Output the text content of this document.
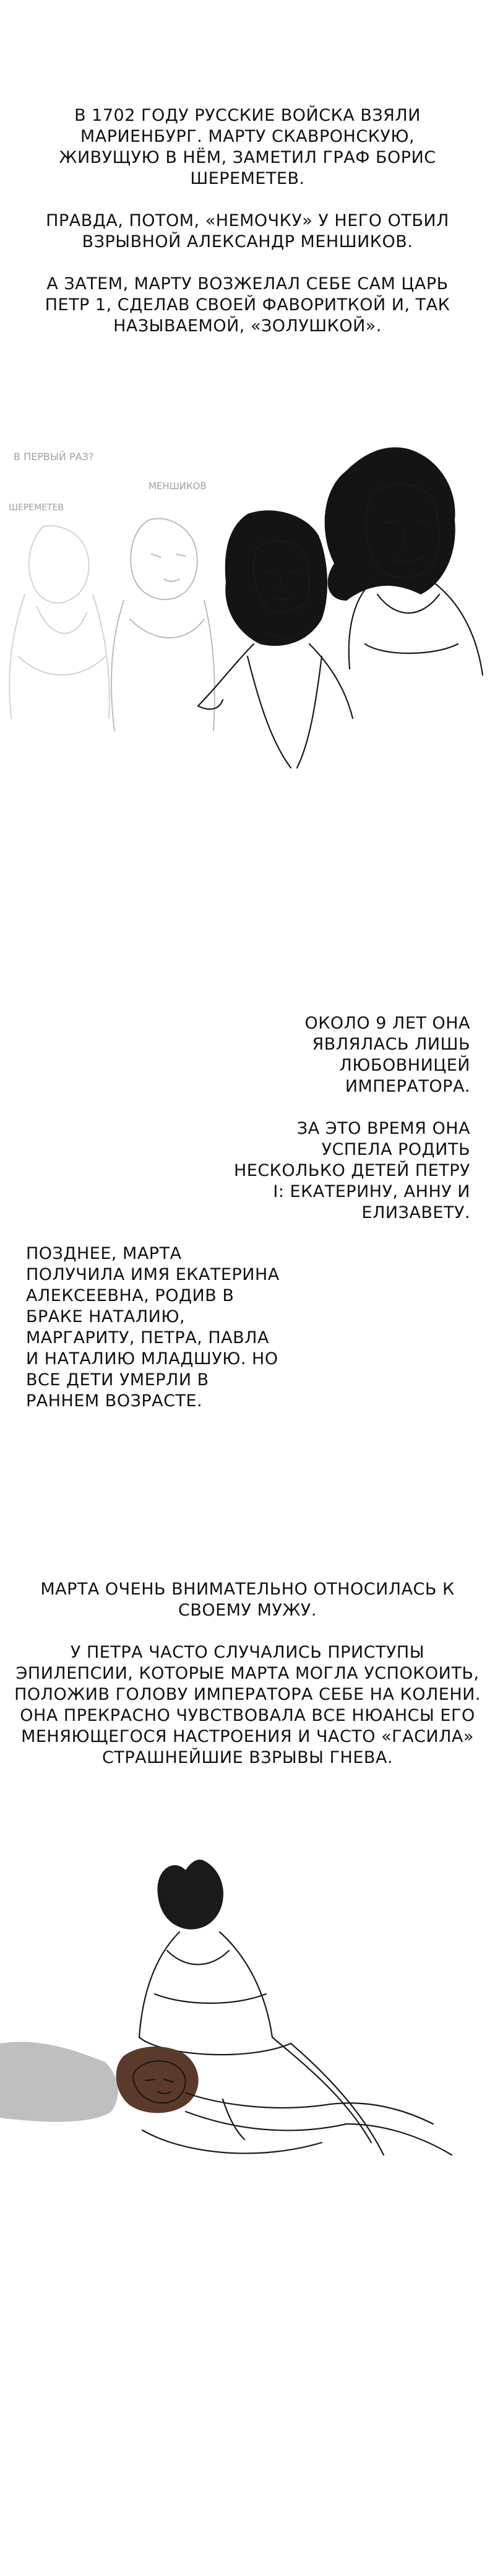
В 1702 ГОДУ РУССКИЕ ВОЙСКА ВЗЯЛИ МАРИЕНБУРГ. МАРТУ СКАВРОНСКУЮ, ЖИВУЩУЮ В НЁМ, ЗАМЕТИЛ ГРАФ БОРИС ШЕРЕМЕТЕВ.

ПРАВДА, ПОТОМ, «НЕМОЧКУ» У НЕГО ОТБИЛ ВЗРЫВНОЙ АЛЕКСАНДР МЕНШИКОВ.

А ЗАТЕМ, МАРТУ ВОЗЖЕЛАЛ СЕБЕ САМ ЦАРЬ ПЕТР 1, СДЕЛАВ СВОЕЙ ФАВОРИТКОЙ И, ТАК НАЗЫВАЕМОЙ, «ЗОЛУШКОЙ».

В ПЕРВЫЙ РАЗ?
ШЕРЕМЕТЕВ
МЕНШИКОВ

ОКОЛО 9 ЛЕТ ОНА ЯВЛЯЛАСЬ ЛИШЬ ЛЮБОВНИЦЕЙ ИМПЕРАТОРА.

ЗА ЭТО ВРЕМЯ ОНА УСПЕЛА РОДИТЬ НЕСКОЛЬКО ДЕТЕЙ ПЕТРУ I: ЕКАТЕРИНУ, АННУ И ЕЛИЗАВЕТУ.

ПОЗДНЕЕ, МАРТА ПОЛУЧИЛА ИМЯ ЕКАТЕРИНА АЛЕКСЕЕВНА, РОДИВ В БРАКЕ НАТАЛИЮ, МАРГАРИТУ, ПЕТРА, ПАВЛА И НАТАЛИЮ МЛАДШУЮ. НО ВСЕ ДЕТИ УМЕРЛИ В РАННЕМ ВОЗРАСТЕ.

МАРТА ОЧЕНЬ ВНИМАТЕЛЬНО ОТНОСИЛАСЬ К СВОЕМУ МУЖУ.

У ПЕТРА ЧАСТО СЛУЧАЛИСЬ ПРИСТУПЫ ЭПИЛЕПСИИ, КОТОРЫЕ МАРТА МОГЛА УСПОКОИТЬ, ПОЛОЖИВ ГОЛОВУ ИМПЕРАТОРА СЕБЕ НА КОЛЕНИ. ОНА ПРЕКРАСНО ЧУВСТВОВАЛА ВСЕ НЮАНСЫ ЕГО МЕНЯЮЩЕГОСЯ НАСТРОЕНИЯ И ЧАСТО «ГАСИЛА» СТРАШНЕЙШИЕ ВЗРЫВЫ ГНЕВА.
